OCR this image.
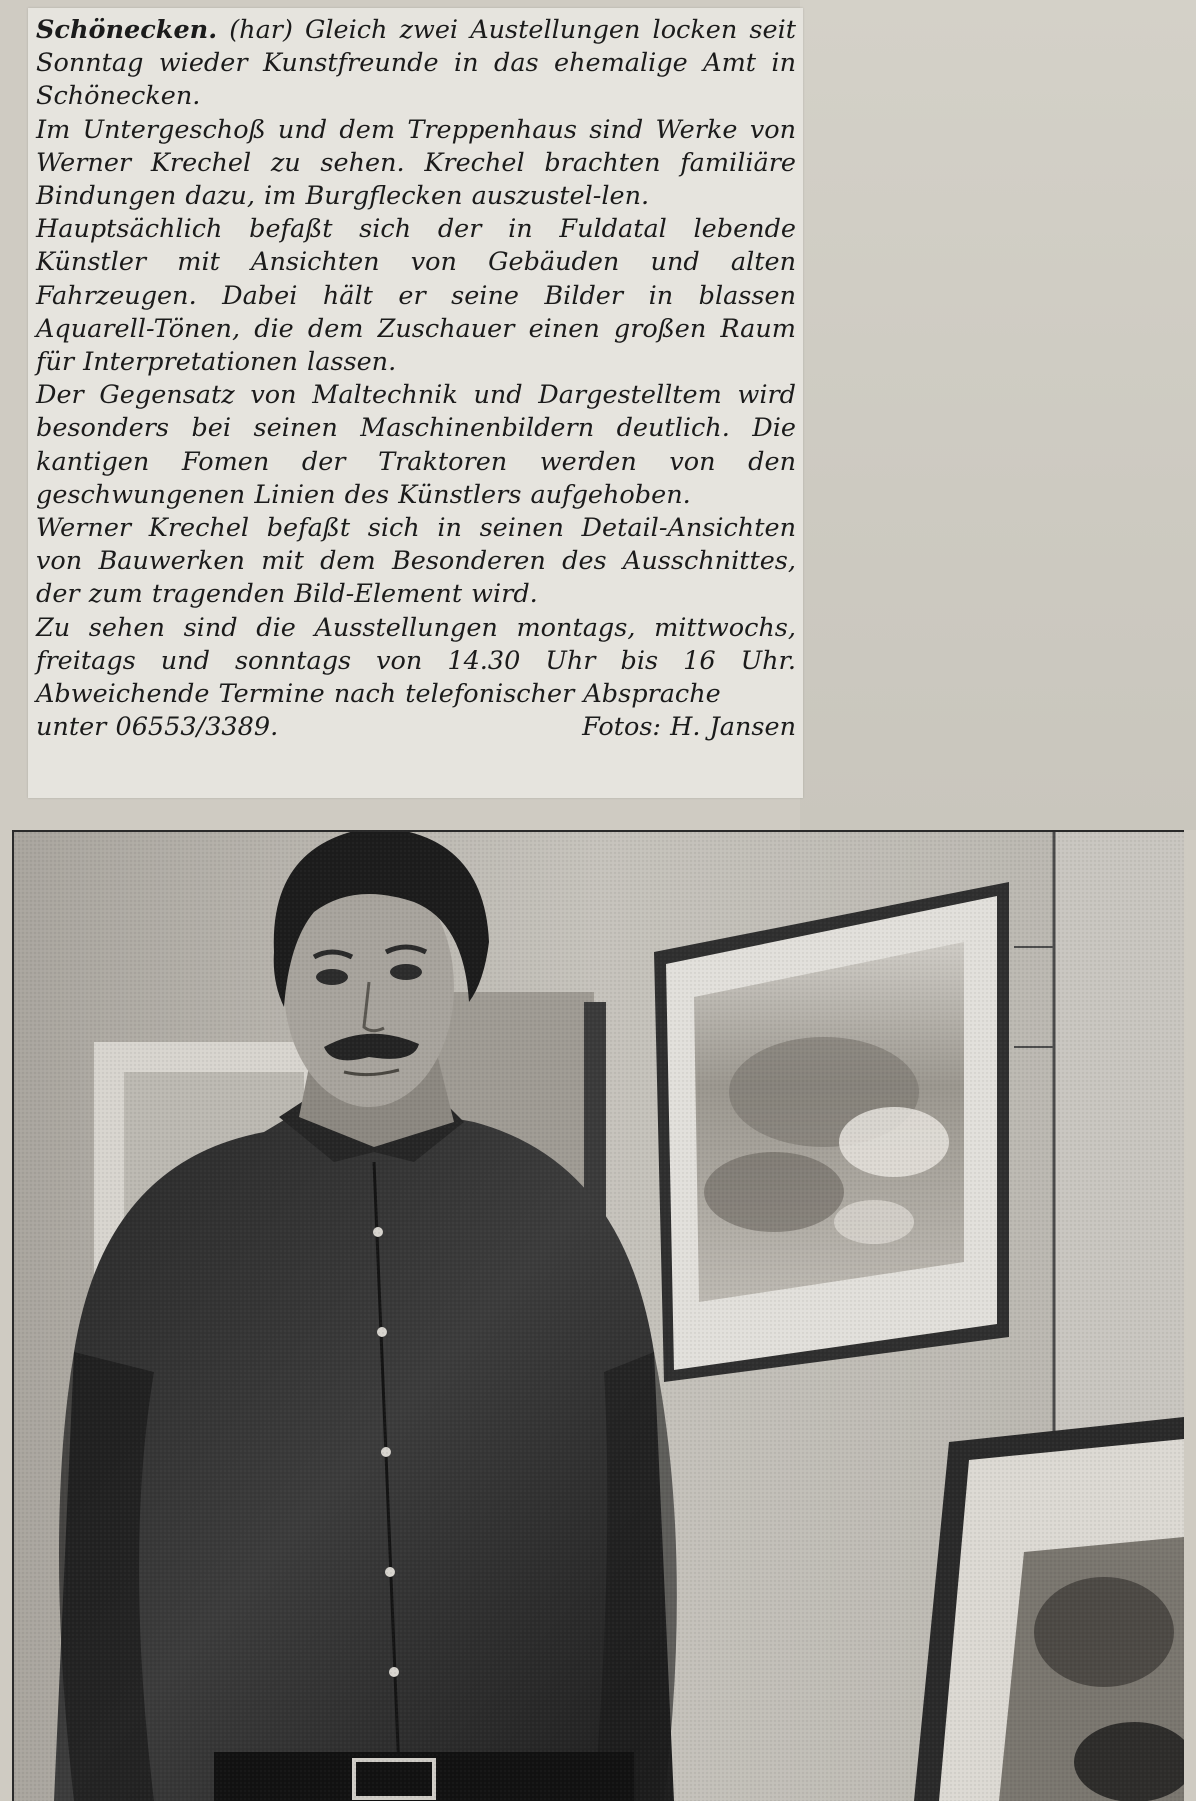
Schönecken. (har) Gleich zwei Austellungen locken seit Sonntag wieder Kunstfreunde in das ehemalige Amt in Schönecken.

Im Untergeschoß und dem Treppenhaus sind Werke von Werner Krechel zu sehen. Krechel brachten familiäre Bindungen dazu, im Burgflecken auszustel-len.

Hauptsächlich befaßt sich der in Fuldatal lebende Künstler mit Ansichten von Gebäuden und alten Fahrzeugen. Dabei hält er seine Bilder in blassen Aquarell-Tönen, die dem Zuschauer einen großen Raum für Interpretationen lassen.

Der Gegensatz von Maltechnik und Dargestelltem wird besonders bei seinen Maschinenbildern deutlich. Die kantigen Fomen der Traktoren werden von den geschwungenen Linien des Künstlers aufgehoben.

Werner Krechel befaßt sich in seinen Detail-Ansichten von Bauwerken mit dem Besonderen des Ausschnittes, der zum tragenden Bild-Element wird.

Zu sehen sind die Ausstellungen montags, mittwochs, freitags und sonntags von 14.30 Uhr bis 16 Uhr. Abweichende Termine nach telefonischer Absprache

unter 06553/3389.	Fotos: H. Jansen
